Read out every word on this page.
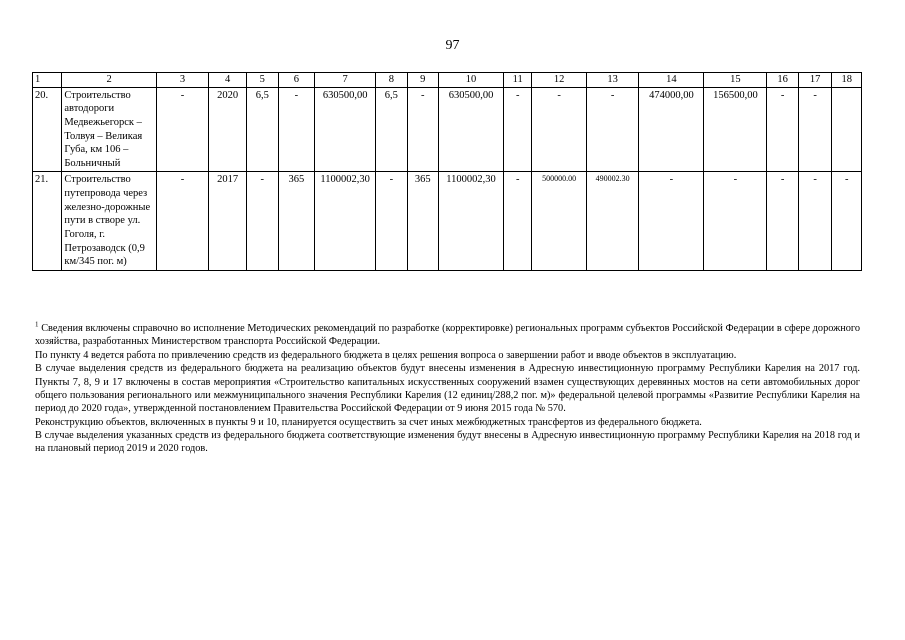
97
1	2	3	4	5	6	7	8	9	10	11	12	13	14	15	16	17	18
20.	Строительство автодороги Медвежьегорск – Толвуя – Великая Губа, км 106 – Больничный	-	2020	6,5	-	630500,00	6,5	-	630500,00	-	-	-	474000,00	156500,00	-	-	
21.	Строительство путепровода через железно-дорожные пути в створе ул. Гоголя, г. Петрозаводск (0,9 км/345 пог. м)	-	2017	-	365	1100002,30	-	365	1100002,30	-	500000.00	490002.30	-	-	-	-	-

$^1$ Сведения включены справочно во исполнение Методических рекомендаций по разработке (корректировке) региональных программ субъектов Российской Федерации в сфере дорожного хозяйства, разработанных Министерством транспорта Российской Федерации.

По пункту 4 ведется работа по привлечению средств из федерального бюджета в целях решения вопроса о завершении работ и вводе объектов в эксплуатацию.

В случае выделения средств из федерального бюджета на реализацию объектов будут внесены изменения в Адресную инвестиционную программу Республики Карелия на 2017 год. Пункты 7, 8, 9 и 17 включены в состав мероприятия «Строительство капитальных искусственных сооружений взамен существующих деревянных мостов на сети автомобильных дорог общего пользования регионального или межмуниципального значения Республики Карелия (12 единиц/288,2 пог. м)» федеральной целевой программы «Развитие Республики Карелия на период до 2020 года», утвержденной постановлением Правительства Российской Федерации от 9 июня 2015 года № 570.

Реконструкцию объектов, включенных в пункты 9 и 10, планируется осуществить за счет иных межбюджетных трансфертов из федерального бюджета.

В случае выделения указанных средств из федерального бюджета соответствующие изменения будут внесены в Адресную инвестиционную программу Республики Карелия на 2018 год и на плановый период 2019 и 2020 годов.
